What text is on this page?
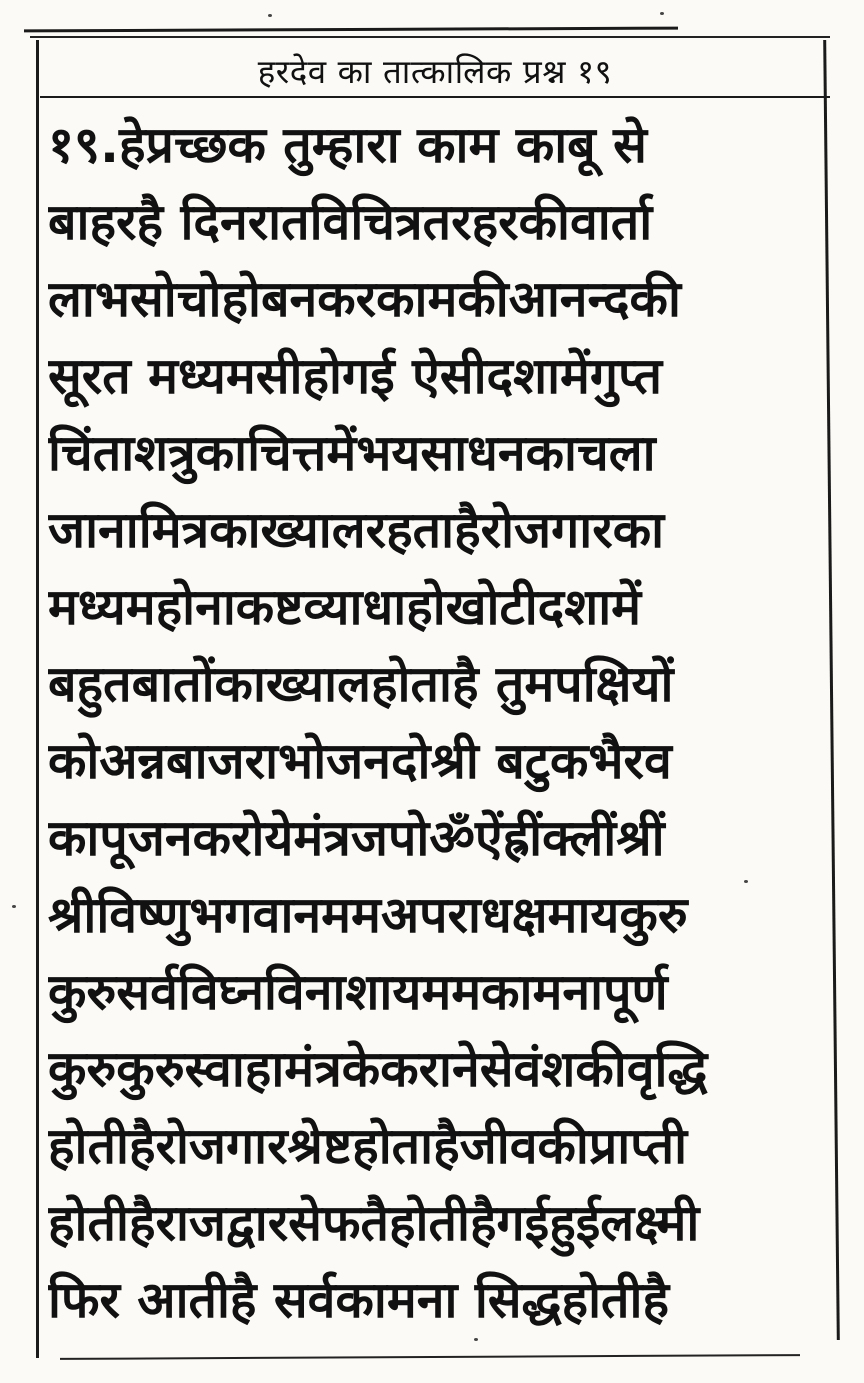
हरदेव का तात्कालिक प्रश्न १९
१९.हेप्रच्छक तुम्हारा काम काबू से
बाहरहै दिनरातविचित्रतरहरकीवार्ता
लाभसोचोहोबनकरकामकीआनन्दकी
सूरत मध्यमसीहोगई ऐसीदशामेंगुप्त
चिंताशत्रुकाचित्तमेंभयसाधनकाचला
जानामित्रकाख्यालरहताहैरोजगारका
मध्यमहोनाकष्टव्याधाहोखोटीदशामें
बहुतबातोंकाख्यालहोताहै तुमपक्षियों
कोअन्नबाजराभोजनदोश्री बटुकभैरव
कापूजनकरोयेमंत्रजपोॐऐंह्रींक्लींश्रीं
श्रीविष्णुभगवानममअपराधक्षमायकुरु
कुरुसर्वविघ्नविनाशायममकामनापूर्ण
कुरुकुरुस्वाहामंत्रकेकरानेसेवंशकीवृद्धि
होतीहैरोजगारश्रेष्टहोताहैजीवकीप्राप्ती
होतीहैराजद्वारसेफतैहोतीहैगईहुईलक्ष्मी
फिर आतीहै सर्वकामना सिद्धहोतीहै
